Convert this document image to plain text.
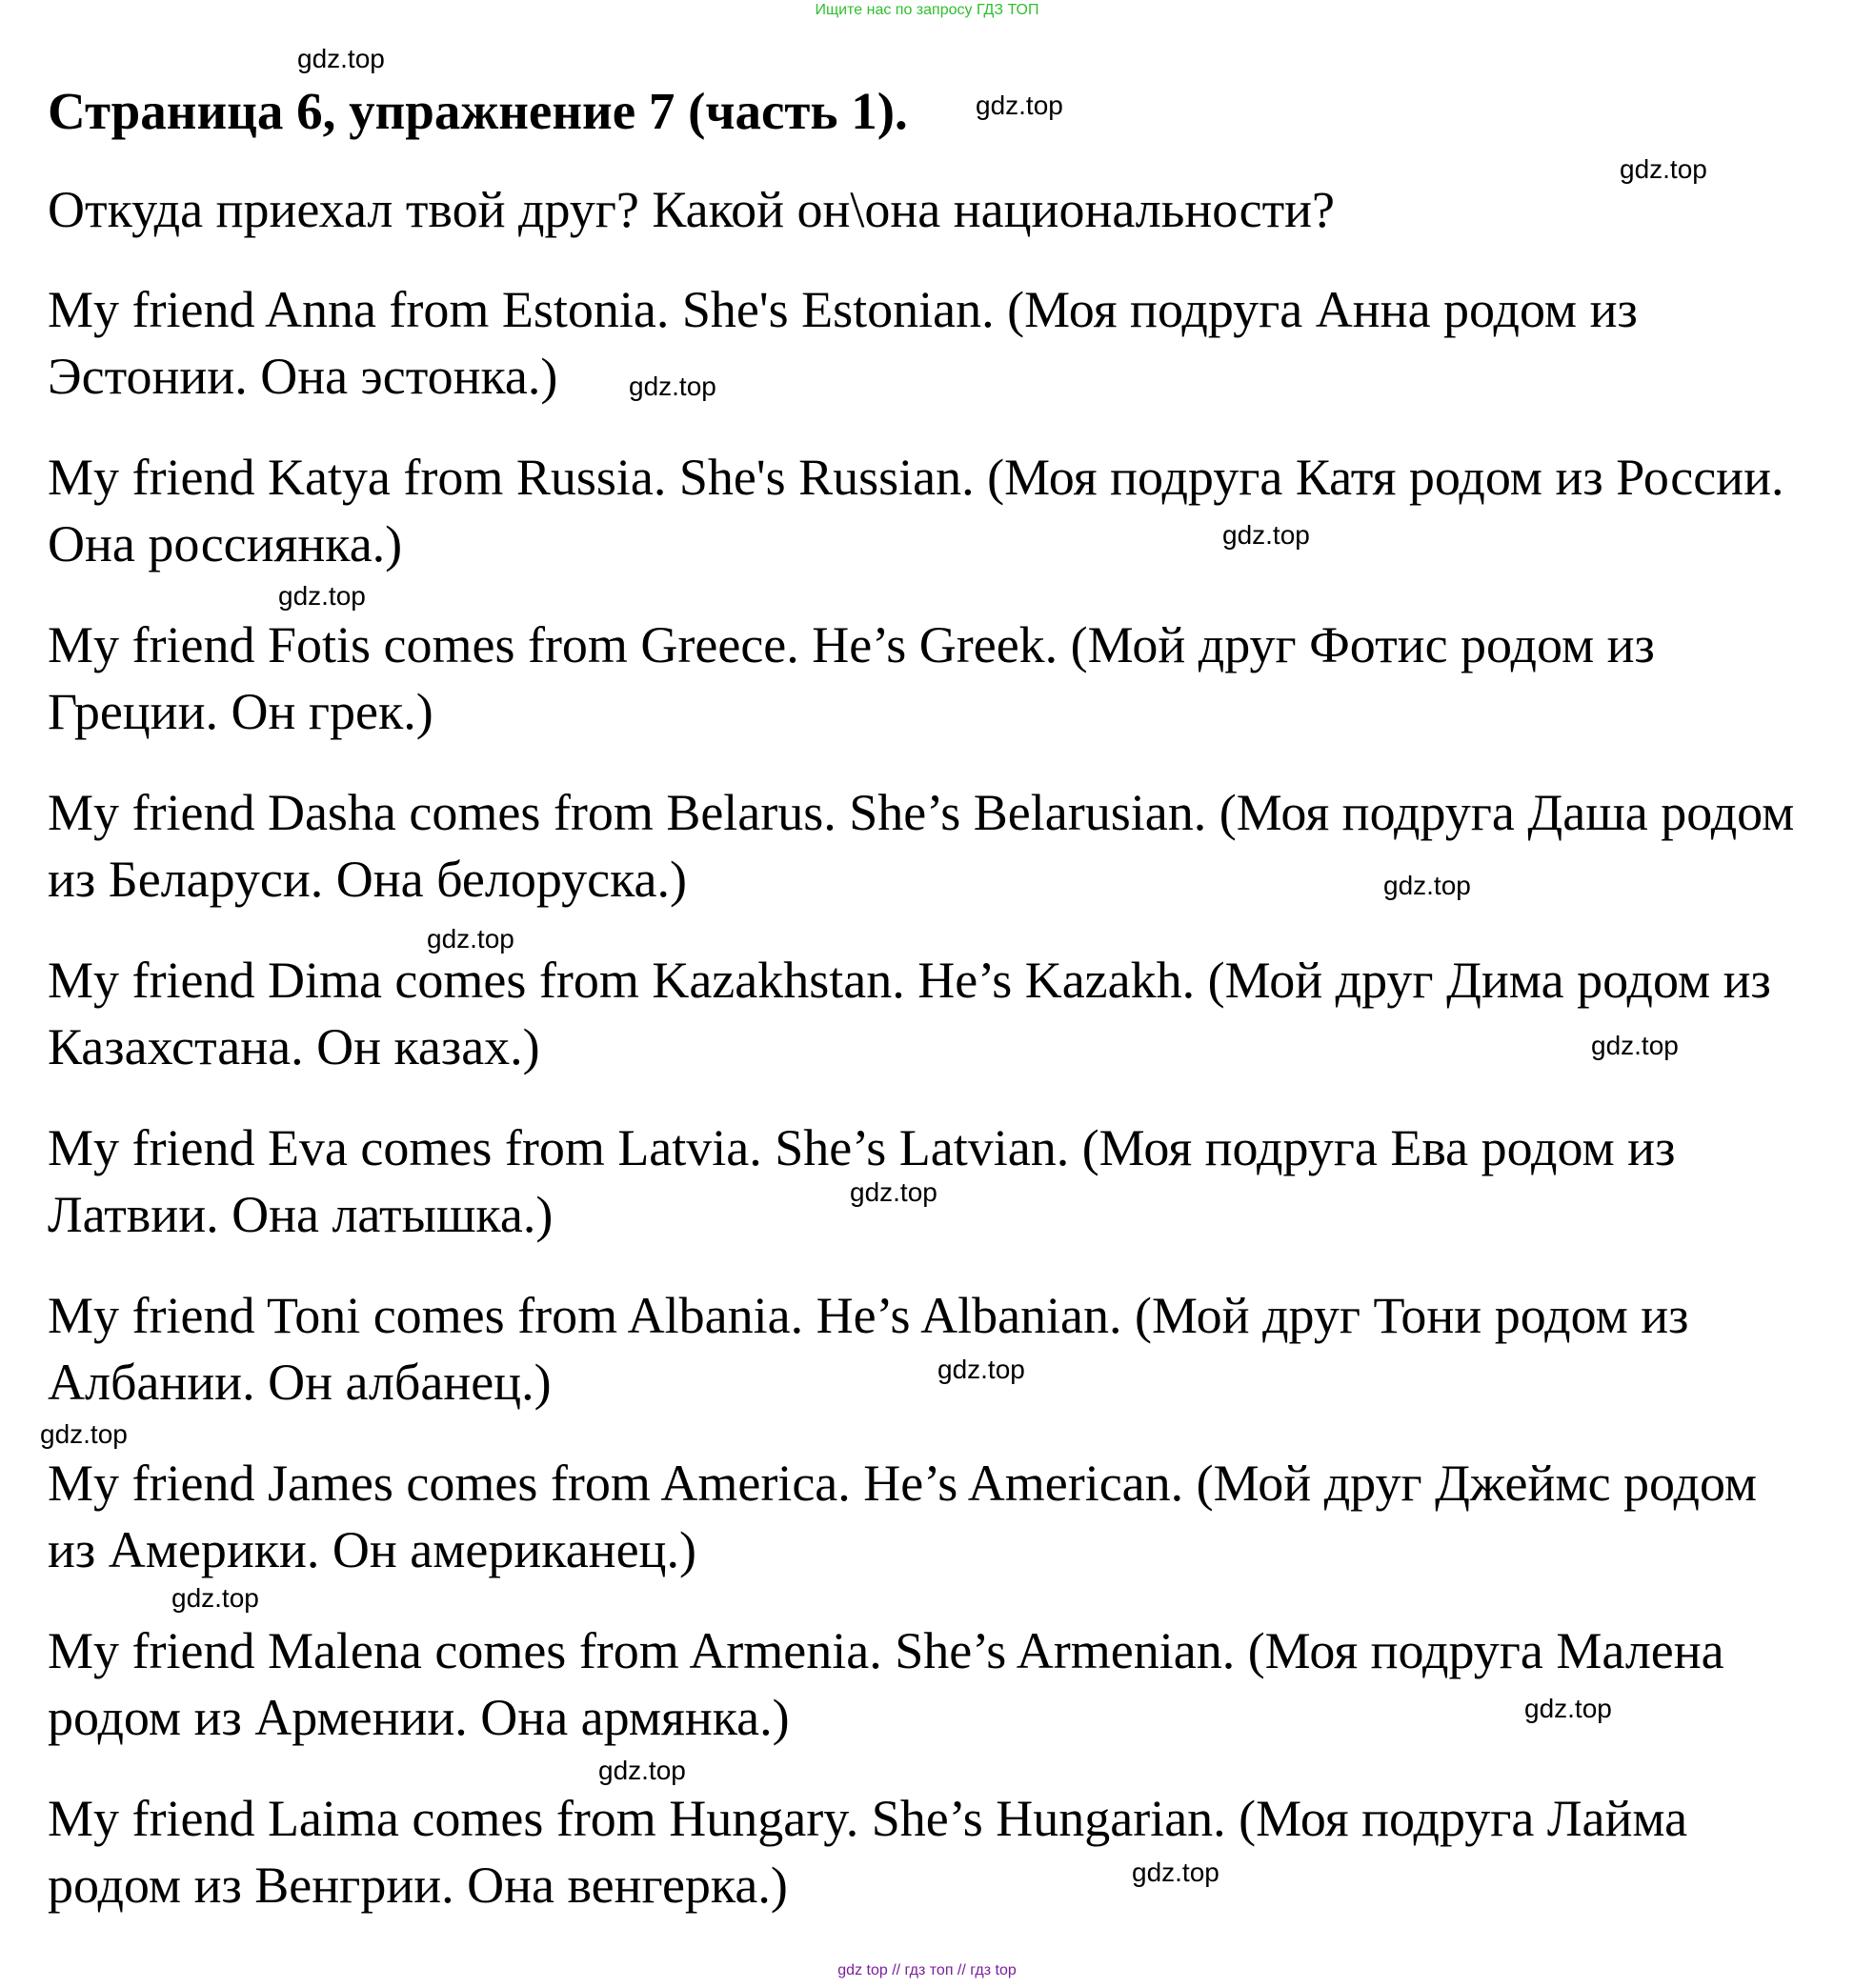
Ищите нас по запросу ГДЗ ТОП
Страница 6, упражнение 7 (часть 1).

Откуда приехал твой друг? Какой он\она национальности?

My friend Anna from Estonia. She's Estonian. (Моя подруга Анна родом из Эстонии. Она эстонка.)

My friend Katya from Russia. She's Russian. (Моя подруга Катя родом из России. Она россиянка.)

My friend Fotis comes from Greece. He’s Greek. (Мой друг Фотис родом из Греции. Он грек.)

My friend Dasha comes from Belarus. She’s Belarusian. (Моя подруга Даша родом из Беларуси. Она белоруска.)

My friend Dima comes from Kazakhstan. He’s Kazakh. (Мой друг Дима родом из Казахстана. Он казах.)

My friend Eva comes from Latvia. She’s Latvian. (Моя подруга Ева родом из Латвии. Она латышка.)

My friend Toni comes from Albania. He’s Albanian. (Мой друг Тони родом из Албании. Он албанец.)

My friend James comes from America. He’s American. (Мой друг Джеймс родом из Америки. Он американец.)

My friend Malena comes from Armenia. She’s Armenian. (Моя подруга Малена родом из Армении. Она армянка.)

My friend Laima comes from Hungary. She’s Hungarian. (Моя подруга Лайма родом из Венгрии. Она венгерка.)

gdz.top
gdz.top
gdz.top
gdz.top
gdz.top
gdz.top
gdz.top
gdz.top
gdz.top
gdz.top
gdz.top
gdz.top
gdz.top
gdz.top
gdz.top
gdz.top
gdz top // гдз топ // гдз top
